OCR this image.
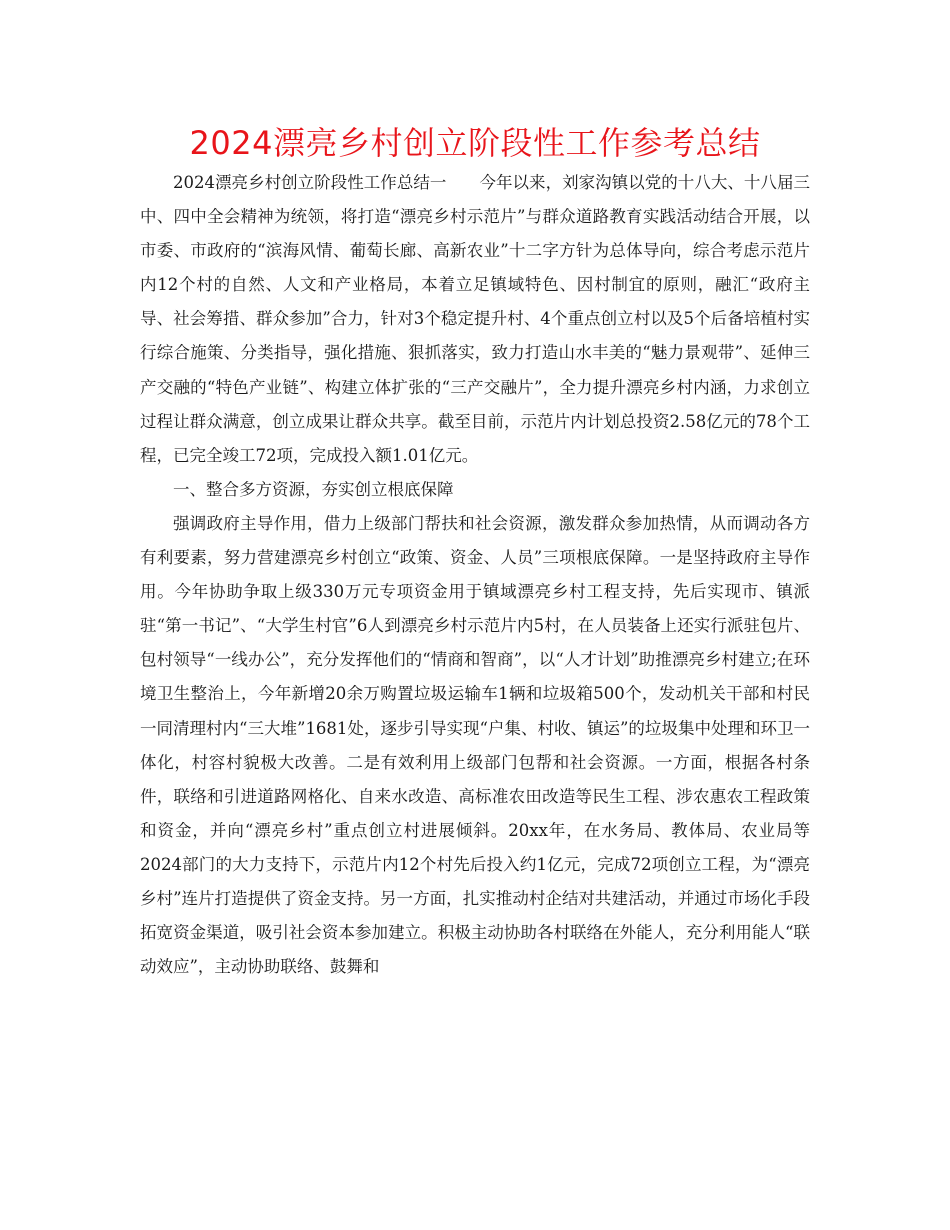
2024漂亮乡村创立阶段性工作参考总结

2024漂亮乡村创立阶段性工作总结一　　今年以来，刘家沟镇以党的十八大、十八届三中、四中全会精神为统领，将打造“漂亮乡村示范片”与群众道路教育实践活动结合开展，以市委、市政府的“滨海风情、葡萄长廊、高新农业”十二字方针为总体导向，综合考虑示范片内12个村的自然、人文和产业格局，本着立足镇域特色、因村制宜的原则，融汇“政府主导、社会筹措、群众参加”合力，针对3个稳定提升村、4个重点创立村以及5个后备培植村实行综合施策、分类指导，强化措施、狠抓落实，致力打造山水丰美的“魅力景观带”、延伸三产交融的“特色产业链”、构建立体扩张的“三产交融片”，全力提升漂亮乡村内涵，力求创立过程让群众满意，创立成果让群众共享。截至目前，示范片内计划总投资2.58亿元的78个工程，已完全竣工72项，完成投入额1.01亿元。

一、整合多方资源，夯实创立根底保障

强调政府主导作用，借力上级部门帮扶和社会资源，激发群众参加热情，从而调动各方有利要素，努力营建漂亮乡村创立“政策、资金、人员”三项根底保障。一是坚持政府主导作用。今年协助争取上级330万元专项资金用于镇域漂亮乡村工程支持，先后实现市、镇派驻“第一书记”、“大学生村官”6人到漂亮乡村示范片内5村，在人员装备上还实行派驻包片、包村领导“一线办公”，充分发挥他们的“情商和智商”，以“人才计划”助推漂亮乡村建立;在环境卫生整治上，今年新增20余万购置垃圾运输车1辆和垃圾箱500个，发动机关干部和村民一同清理村内“三大堆”1681处，逐步引导实现“户集、村收、镇运”的垃圾集中处理和环卫一体化，村容村貌极大改善。二是有效利用上级部门包帮和社会资源。一方面，根据各村条件，联络和引进道路网格化、自来水改造、高标准农田改造等民生工程、涉农惠农工程政策和资金，并向“漂亮乡村”重点创立村进展倾斜。20xx年，在水务局、教体局、农业局等2024部门的大力支持下，示范片内12个村先后投入约1亿元，完成72项创立工程，为“漂亮乡村”连片打造提供了资金支持。另一方面，扎实推动村企结对共建活动，并通过市场化手段拓宽资金渠道，吸引社会资本参加建立。积极主动协助各村联络在外能人，充分利用能人“联动效应”，主动协助联络、鼓舞和
